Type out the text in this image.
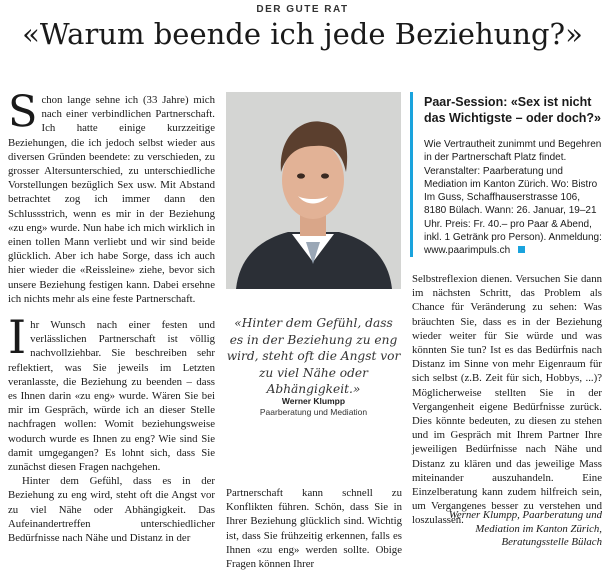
DER GUTE RAT
«Warum beende ich jede Beziehung?»
S chon lange sehne ich (33 Jahre) mich nach einer verbindlichen Partnerschaft. Ich hatte einige kurzzeitige Beziehungen, die ich jedoch selbst wieder aus diversen Gründen beendete: zu verschieden, zu grosser Altersunterschied, zu unterschiedliche Vorstellungen bezüglich Sex usw. Mit Abstand betrachtet zog ich immer dann den Schlussstrich, wenn es mir in der Beziehung «zu eng» wurde. Nun habe ich mich wirklich in einen tollen Mann verliebt und wir sind beide glücklich. Aber ich habe Sorge, dass ich auch hier wieder die «Reissleine» ziehe, bevor sich unsere Beziehung festigen kann. Dabei ersehne ich nichts mehr als eine feste Partnerschaft.

I hr Wunsch nach einer festen und verlässlichen Partnerschaft ist völlig nachvollziehbar. Sie beschreiben sehr reflektiert, was Sie jeweils im Letzten veranlasste, die Beziehung zu beenden – dass es Ihnen darin «zu eng» wurde. Wären Sie bei mir im Gespräch, würde ich an dieser Stelle nachfragen wollen: Womit beziehungsweise wodurch wurde es Ihnen zu eng? Wie sind Sie damit umgegangen? Es lohnt sich, dass Sie zunächst diesen Fragen nachgehen.

Hinter dem Gefühl, dass es in der Beziehung zu eng wird, steht oft die Angst vor zu viel Nähe oder Abhängigkeit. Das Aufeinandertreffen unterschiedlicher Bedürfnisse nach Nähe und Distanz in der

«Hinter dem Gefühl, dass es in der Beziehung zu eng wird, steht oft die Angst vor zu viel Nähe oder Abhängigkeit.»
Werner Klumpp
Paarberatung und Mediation
Partnerschaft kann schnell zu Konflikten führen. Schön, dass Sie in Ihrer Beziehung glücklich sind. Wichtig ist, dass Sie frühzeitig erkennen, falls es Ihnen «zu eng» werden sollte. Obige Fragen können Ihrer
Paar-Session: «Sex ist nicht das Wichtigste – oder doch?»
Wie Vertrautheit zunimmt und Begehren in der Partnerschaft Platz findet. Veranstalter: Paarberatung und Mediation im Kanton Zürich. Wo: Bistro Im Guss, Schaffhauserstrasse 106, 8180 Bülach. Wann: 26. Januar, 19–21 Uhr. Preis: Fr. 40.– pro Paar & Abend, inkl. 1 Getränk pro Person). Anmeldung: www.paarimpuls.ch
Selbstreflexion dienen. Versuchen Sie dann im nächsten Schritt, das Problem als Chance für Veränderung zu sehen: Was bräuchten Sie, dass es in der Beziehung wieder weiter für Sie würde und was könnten Sie tun? Ist es das Bedürfnis nach Distanz im Sinne von mehr Eigenraum für sich selbst (z.B. Zeit für sich, Hobbys, ...)? Möglicherweise stellten Sie in der Vergangenheit eigene Bedürfnisse zurück. Dies könnte bedeuten, zu diesen zu stehen und im Gespräch mit Ihrem Partner Ihre jeweiligen Bedürfnisse nach Nähe und Distanz zu klären und das jeweilige Mass miteinander auszuhandeln. Eine Einzelberatung kann zudem hilfreich sein, um Vergangenes besser zu verstehen und loszulassen.
Werner Klumpp, Paarberatung und
Mediation im Kanton Zürich,
Beratungsstelle Bülach
